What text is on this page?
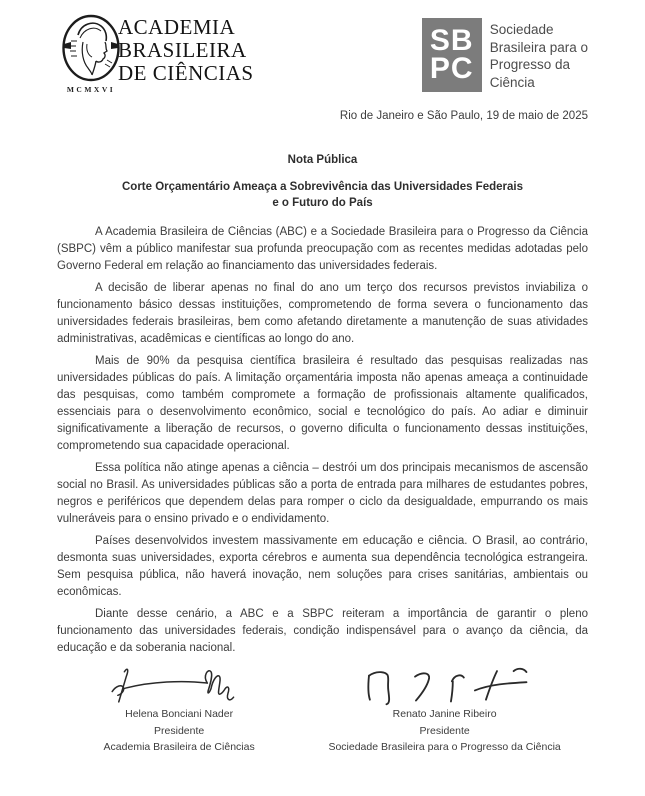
MCMXVI
ACADEMIA
BRASILEIRA
DE CIÊNCIAS
SB
PC
Sociedade
Brasileira para o
Progresso da
Ciência
Rio de Janeiro e São Paulo, 19 de maio de 2025
Nota Pública
Corte Orçamentário Ameaça a Sobrevivência das Universidades Federais
e o Futuro do País

A Academia Brasileira de Ciências (ABC) e a Sociedade Brasileira para o Progresso da Ciência (SBPC) vêm a público manifestar sua profunda preocupação com as recentes medidas adotadas pelo Governo Federal em relação ao financiamento das universidades federais.

A decisão de liberar apenas no final do ano um terço dos recursos previstos inviabiliza o funcionamento básico dessas instituições, comprometendo de forma severa o funcionamento das universidades federais brasileiras, bem como afetando diretamente a manutenção de suas atividades administrativas, acadêmicas e científicas ao longo do ano.

Mais de 90% da pesquisa científica brasileira é resultado das pesquisas realizadas nas universidades públicas do país. A limitação orçamentária imposta não apenas ameaça a continuidade das pesquisas, como também compromete a formação de profissionais altamente qualificados, essenciais para o desenvolvimento econômico, social e tecnológico do país. Ao adiar e diminuir significativamente a liberação de recursos, o governo dificulta o funcionamento dessas instituições, comprometendo sua capacidade operacional.

Essa política não atinge apenas a ciência – destrói um dos principais mecanismos de ascensão social no Brasil. As universidades públicas são a porta de entrada para milhares de estudantes pobres, negros e periféricos que dependem delas para romper o ciclo da desigualdade, empurrando os mais vulneráveis para o ensino privado e o endividamento.

Países desenvolvidos investem massivamente em educação e ciência. O Brasil, ao contrário, desmonta suas universidades, exporta cérebros e aumenta sua dependência tecnológica estrangeira. Sem pesquisa pública, não haverá inovação, nem soluções para crises sanitárias, ambientais ou econômicas.

Diante desse cenário, a ABC e a SBPC reiteram a importância de garantir o pleno funcionamento das universidades federais, condição indispensável para o avanço da ciência, da educação e da soberania nacional.

Helena Bonciani Nader
Presidente
Academia Brasileira de Ciências
Renato Janine Ribeiro
Presidente
Sociedade Brasileira para o Progresso da Ciência
